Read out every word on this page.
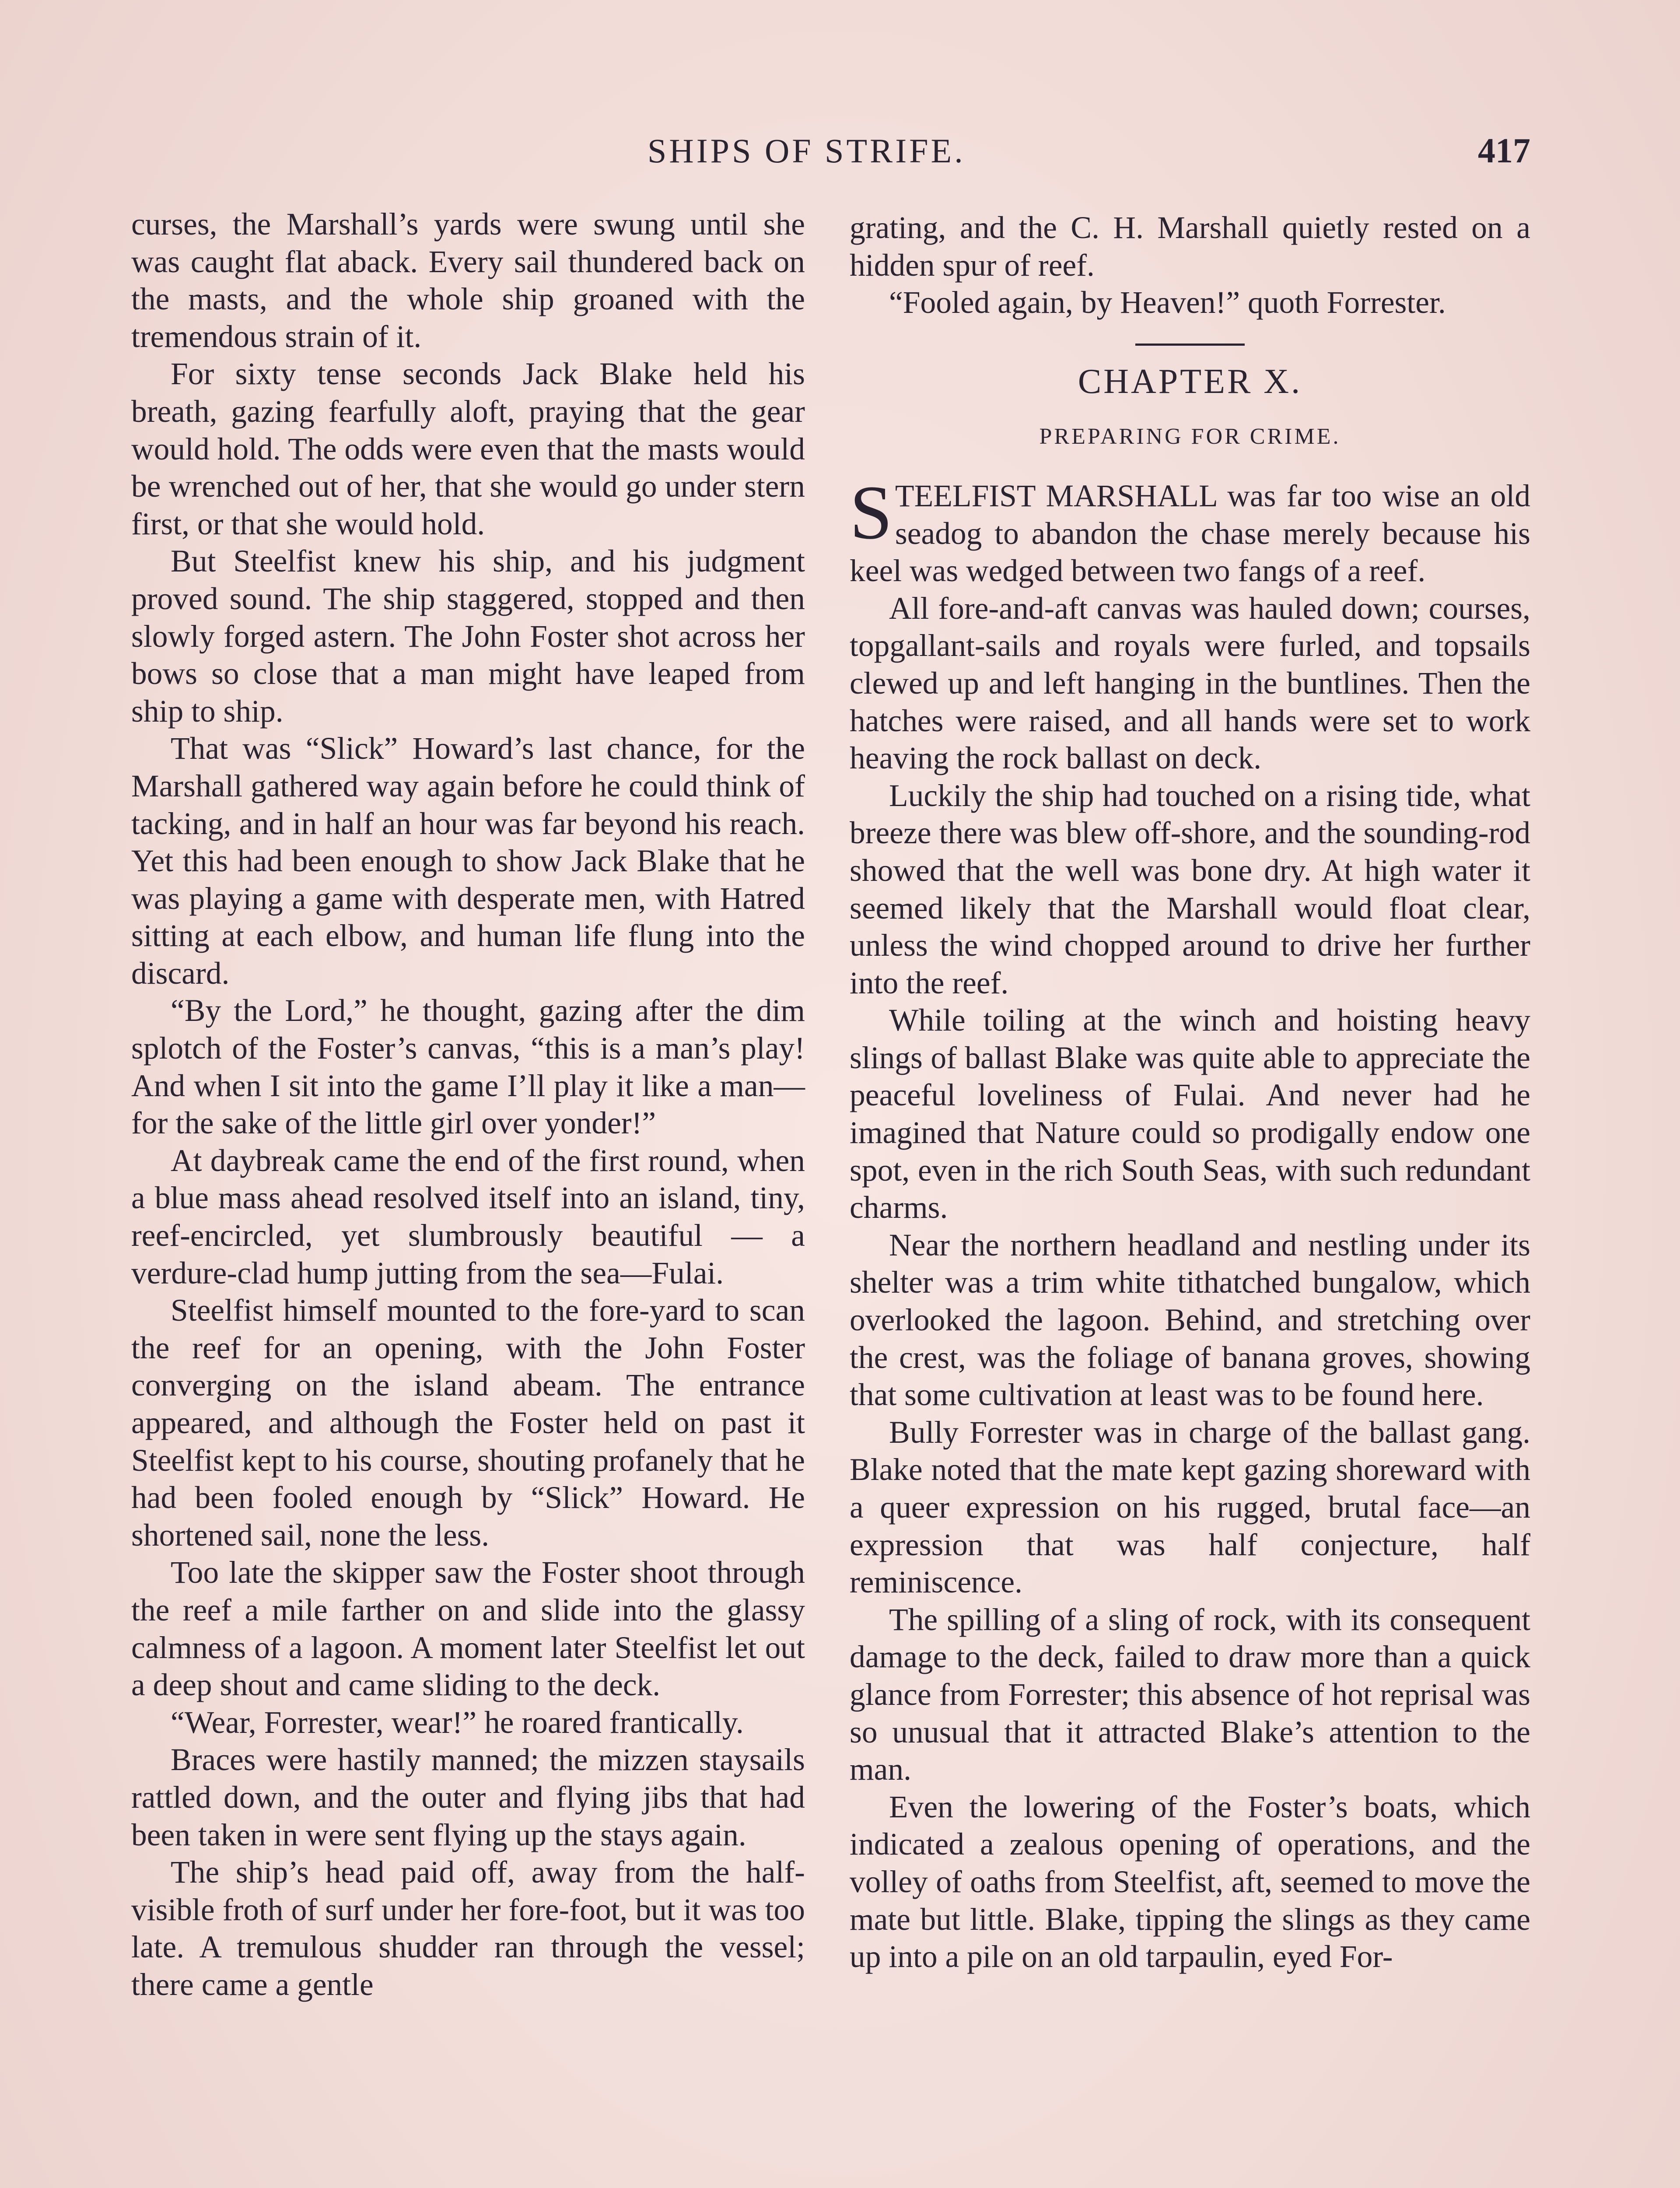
SHIPS OF STRIFE.	417

curses, the Marshall’s yards were swung until she was caught flat aback. Every sail thundered back on the masts, and the whole ship groaned with the tremendous strain of it.

For sixty tense seconds Jack Blake held his breath, gazing fearfully aloft, praying that the gear would hold. The odds were even that the masts would be wrenched out of her, that she would go under stern first, or that she would hold.

But Steelfist knew his ship, and his judgment proved sound. The ship staggered, stopped and then slowly forged astern. The John Foster shot across her bows so close that a man might have leaped from ship to ship.

That was “Slick” Howard’s last chance, for the Marshall gathered way again before he could think of tacking, and in half an hour was far beyond his reach. Yet this had been enough to show Jack Blake that he was playing a game with desperate men, with Hatred sitting at each elbow, and human life flung into the discard.

“By the Lord,” he thought, gazing after the dim splotch of the Foster’s canvas, “this is a man’s play! And when I sit into the game I’ll play it like a man—for the sake of the little girl over yonder!”

At daybreak came the end of the first round, when a blue mass ahead resolved itself into an island, tiny, reef-encircled, yet slumbrously beautiful — a verdure-clad hump jutting from the sea—Fulai.

Steelfist himself mounted to the fore-yard to scan the reef for an opening, with the John Foster converging on the island abeam. The entrance appeared, and although the Foster held on past it Steelfist kept to his course, shouting profanely that he had been fooled enough by “Slick” Howard. He shortened sail, none the less.

Too late the skipper saw the Foster shoot through the reef a mile farther on and slide into the glassy calmness of a lagoon. A moment later Steelfist let out a deep shout and came sliding to the deck.

“Wear, Forrester, wear!” he roared frantically.

Braces were hastily manned; the mizzen staysails rattled down, and the outer and flying jibs that had been taken in were sent flying up the stays again.

The ship’s head paid off, away from the half-visible froth of surf under her fore-foot, but it was too late. A tremulous shudder ran through the vessel; there came a gentle

grating, and the C. H. Marshall quietly rested on a hidden spur of reef.

“Fooled again, by Heaven!” quoth Forrester.

CHAPTER X.
PREPARING FOR CRIME.

STEELFIST MARSHALL was far too wise an old seadog to abandon the chase merely because his keel was wedged between two fangs of a reef.

All fore-and-aft canvas was hauled down; courses, topgallant-sails and royals were furled, and topsails clewed up and left hanging in the buntlines. Then the hatches were raised, and all hands were set to work heaving the rock ballast on deck.

Luckily the ship had touched on a rising tide, what breeze there was blew off-shore, and the sounding-rod showed that the well was bone dry. At high water it seemed likely that the Marshall would float clear, unless the wind chopped around to drive her further into the reef.

While toiling at the winch and hoisting heavy slings of ballast Blake was quite able to appreciate the peaceful loveliness of Fulai. And never had he imagined that Nature could so prodigally endow one spot, even in the rich South Seas, with such redundant charms.

Near the northern headland and nestling under its shelter was a trim white tithatched bungalow, which overlooked the lagoon. Behind, and stretching over the crest, was the foliage of banana groves, showing that some cultivation at least was to be found here.

Bully Forrester was in charge of the ballast gang. Blake noted that the mate kept gazing shoreward with a queer expression on his rugged, brutal face—an expression that was half conjecture, half reminiscence.

The spilling of a sling of rock, with its consequent damage to the deck, failed to draw more than a quick glance from Forrester; this absence of hot reprisal was so unusual that it attracted Blake’s attention to the man.

Even the lowering of the Foster’s boats, which indicated a zealous opening of operations, and the volley of oaths from Steelfist, aft, seemed to move the mate but little. Blake, tipping the slings as they came up into a pile on an old tarpaulin, eyed For-
